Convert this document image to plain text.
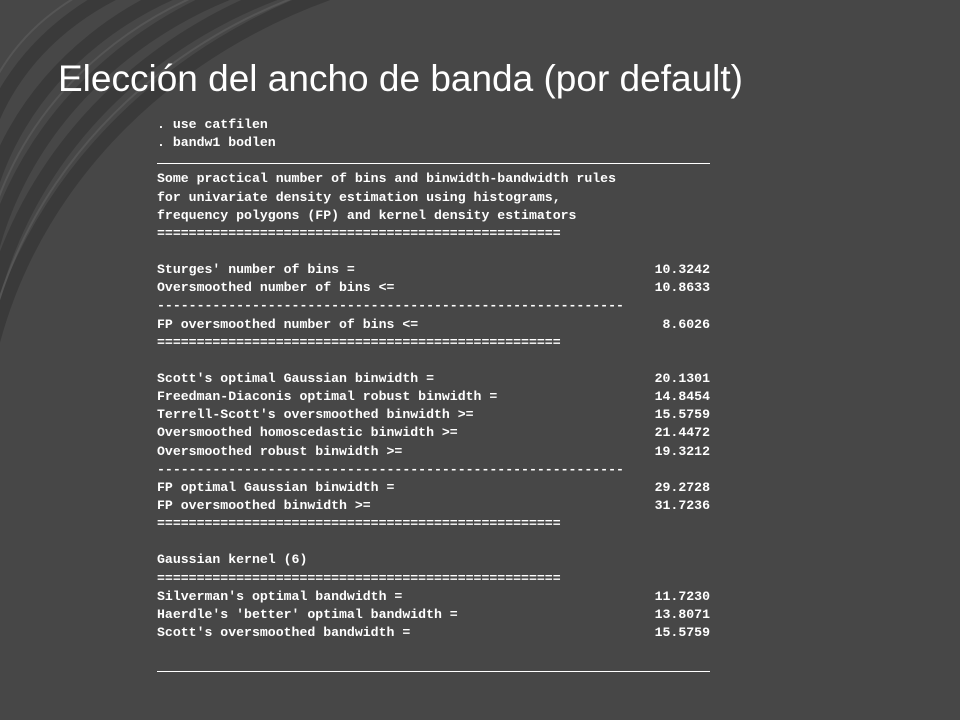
Elección del ancho de banda (por default)
. use catfilen
. bandw1 bodlen
Some practical number of bins and binwidth-bandwidth rules
for univariate density estimation using histograms,
frequency polygons (FP) and kernel density estimators
===================================================
Sturges' number of bins =	10.3242
Oversmoothed number of bins <=	10.8633
-----------------------------------------------------------
FP oversmoothed number of bins <=	8.6026
===================================================
Scott's optimal Gaussian binwidth =	20.1301
Freedman-Diaconis optimal robust binwidth =	14.8454
Terrell-Scott's oversmoothed binwidth >=	15.5759
Oversmoothed homoscedastic binwidth >=	21.4472
Oversmoothed robust binwidth >=	19.3212
-----------------------------------------------------------
FP optimal Gaussian binwidth =	29.2728
FP oversmoothed binwidth >=	31.7236
===================================================
Gaussian kernel (6)
===================================================
Silverman's optimal bandwidth =	11.7230
Haerdle's 'better' optimal bandwidth =	13.8071
Scott's oversmoothed bandwidth =	15.5759
